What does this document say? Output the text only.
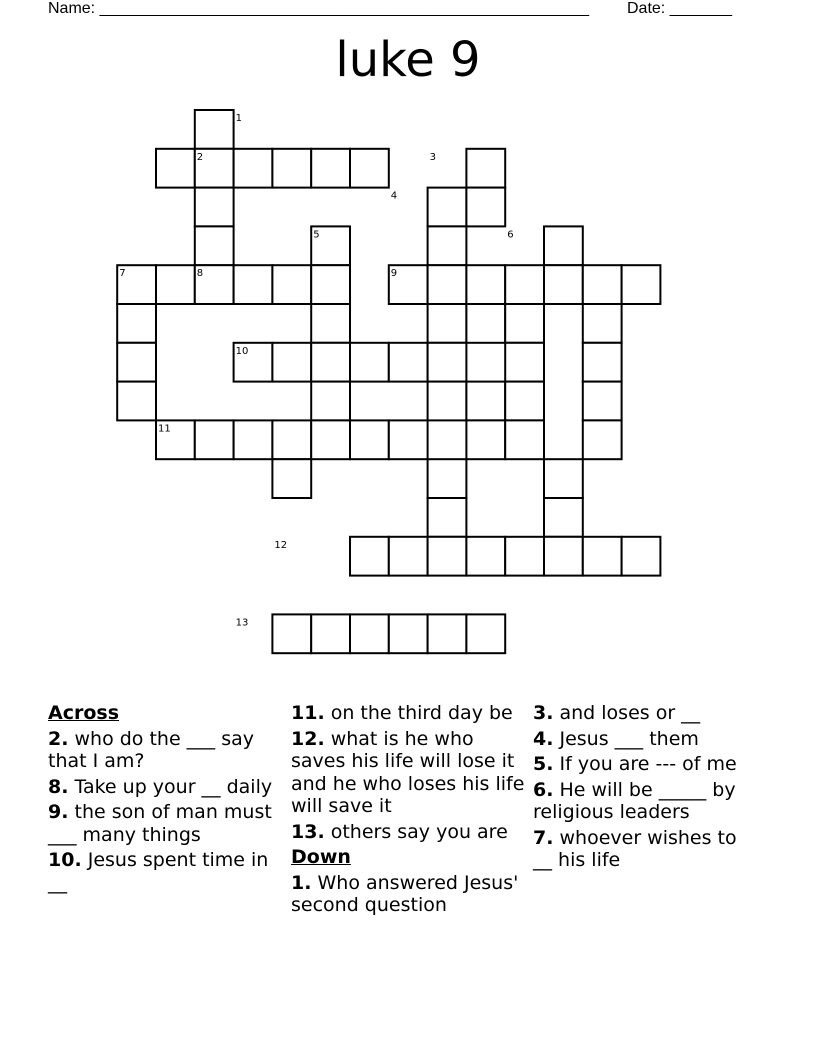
Name: _______________________________________________________ Date: _______
luke 9
1
2	3
4
5	6
7	8	9
10
11
12
13
Across
2. who do the ___ say that I am?
8. Take up your __ daily
9. the son of man must ___ many things
10. Jesus spent time in __
11. on the third day be
12. what is he who saves his life will lose it and he who loses his life will save it
13. others say you are
Down
1. Who answered Jesus' second question
3. and loses or __
4. Jesus ___ them
5. If you are --- of me
6. He will be _____ by religious leaders
7. whoever wishes to __ his life
